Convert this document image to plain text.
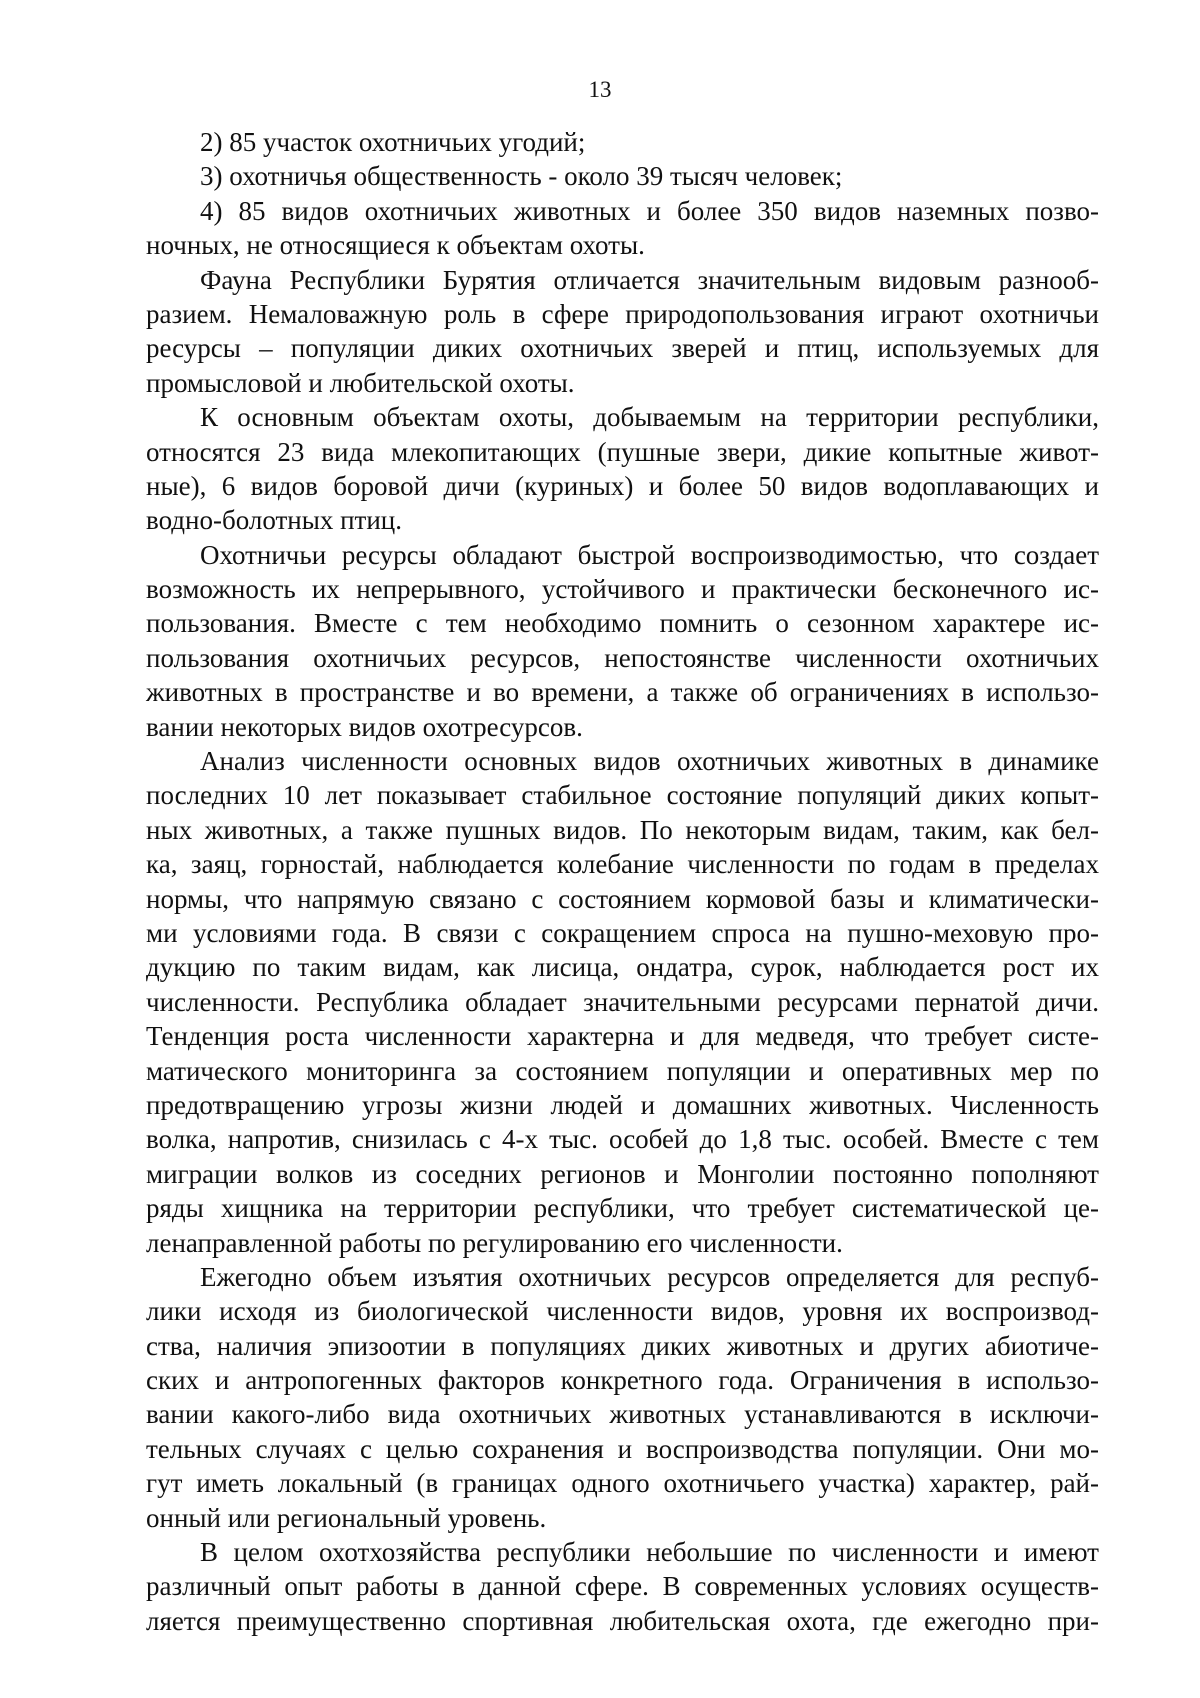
13
2) 85 участок охотничьих угодий;
3) охотничья общественность - около 39 тысяч человек;
4) 85 видов охотничьих животных и более 350 видов наземных позво-
ночных, не относящиеся к объектам охоты.
Фауна Республики Бурятия отличается значительным видовым разнооб-
разием. Немаловажную роль в сфере природопользования играют охотничьи
ресурсы – популяции диких охотничьих зверей и птиц, используемых для
промысловой и любительской охоты.
К основным объектам охоты, добываемым на территории республики,
относятся 23 вида млекопитающих (пушные звери, дикие копытные живот-
ные), 6 видов боровой дичи (куриных) и более 50 видов водоплавающих и
водно-болотных птиц.
Охотничьи ресурсы обладают быстрой воспроизводимостью, что создает
возможность их непрерывного, устойчивого и практически бесконечного ис-
пользования. Вместе с тем необходимо помнить о сезонном характере ис-
пользования охотничьих ресурсов, непостоянстве численности охотничьих
животных в пространстве и во времени, а также об ограничениях в использо-
вании некоторых видов охотресурсов.
Анализ численности основных видов охотничьих животных в динамике
последних 10 лет показывает стабильное состояние популяций диких копыт-
ных животных, а также пушных видов. По некоторым видам, таким, как бел-
ка, заяц, горностай, наблюдается колебание численности по годам в пределах
нормы, что напрямую связано с состоянием кормовой базы и климатически-
ми условиями года. В связи с сокращением спроса на пушно-меховую про-
дукцию по таким видам, как лисица, ондатра, сурок, наблюдается рост их
численности. Республика обладает значительными ресурсами пернатой дичи.
Тенденция роста численности характерна и для медведя, что требует систе-
матического мониторинга за состоянием популяции и оперативных мер по
предотвращению угрозы жизни людей и домашних животных. Численность
волка, напротив, снизилась с 4-х тыс. особей до 1,8 тыс. особей. Вместе с тем
миграции волков из соседних регионов и Монголии постоянно пополняют
ряды хищника на территории республики, что требует систематической це-
ленаправленной работы по регулированию его численности.
Ежегодно объем изъятия охотничьих ресурсов определяется для респуб-
лики исходя из биологической численности видов, уровня их воспроизвод-
ства, наличия эпизоотии в популяциях диких животных и других абиотиче-
ских и антропогенных факторов конкретного года. Ограничения в использо-
вании какого-либо вида охотничьих животных устанавливаются в исключи-
тельных случаях с целью сохранения и воспроизводства популяции. Они мо-
гут иметь локальный (в границах одного охотничьего участка) характер, рай-
онный или региональный уровень.
В целом охотхозяйства республики небольшие по численности и имеют
различный опыт работы в данной сфере. В современных условиях осуществ-
ляется преимущественно спортивная любительская охота, где ежегодно при-
